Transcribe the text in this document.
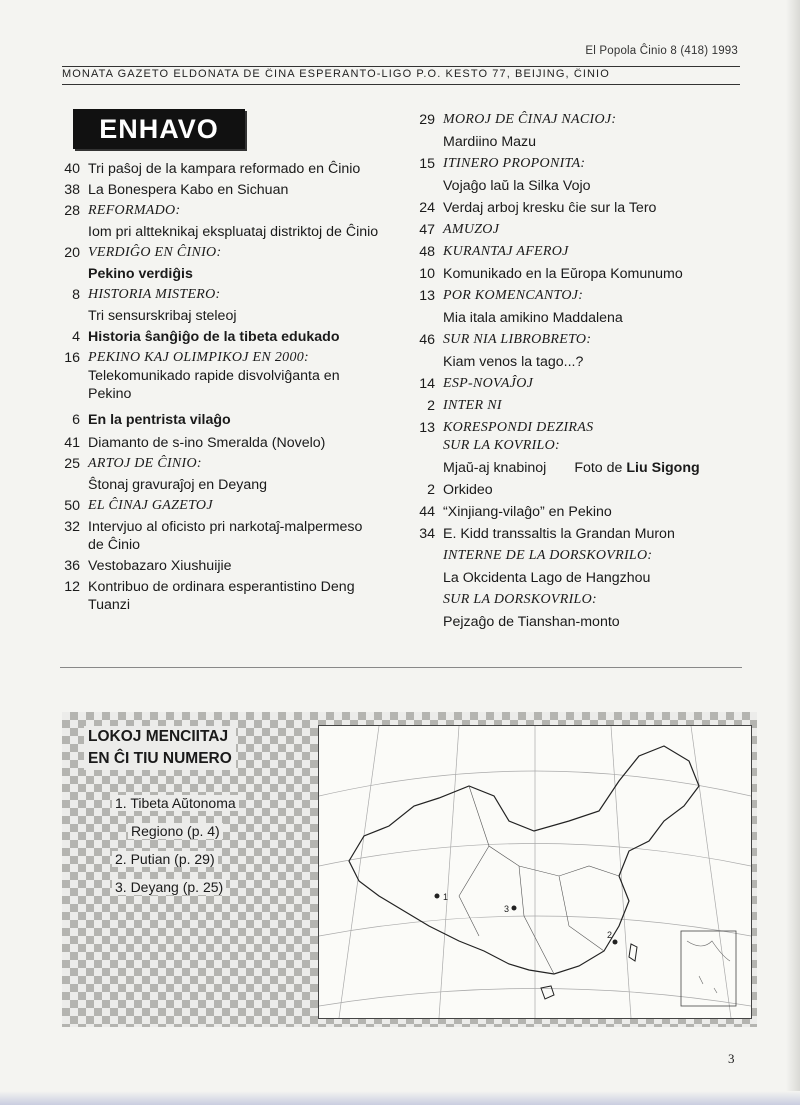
El Popola Ĉinio 8 (418) 1993
MONATA GAZETO ELDONATA DE ĈINA ESPERANTO-LIGO P.O. KESTO 77, BEIJING, ĈINIO
ENHAVO
40 Tri paŝoj de la kampara reformado en Ĉinio
38 La Bonespera Kabo en Sichuan
28 REFORMADO:
Iom pri altteknikaj ekspluataj distriktoj de Ĉinio
20 VERDIĜO EN ĈINIO:
Pekino verdiĝis
8 HISTORIA MISTERO:
Tri sensurskribaj steleoj
4 Historia ŝanĝiĝo de la tibeta edukado
16 PEKINO KAJ OLIMPIKOJ EN 2000:
Telekomunikado rapide disvolviĝanta en Pekino
6 En la pentrista vilaĝo
41 Diamanto de s-ino Smeralda (Novelo)
25 ARTOJ DE ĈINIO:
Ŝtonaj gravuraĵoj en Deyang
50 EL ĈINAJ GAZETOJ
32 Intervjuo al oficisto pri narkotaĵ-malpermeso de Ĉinio
36 Vestobazaro Xiushuijie
12 Kontribuo de ordinara esperantistino Deng Tuanzi
29 MOROJ DE ĈINAJ NACIOJ:
Mardiino Mazu
15 ITINERO PROPONITA:
Vojaĝo laŭ la Silka Vojo
24 Verdaj arboj kresku ĉie sur la Tero
47 AMUZOJ
48 KURANTAJ AFEROJ
10 Komunikado en la Eŭropa Komunumo
13 POR KOMENCANTOJ:
Mia itala amikino Maddalena
46 SUR NIA LIBROBRETO:
Kiam venos la tago...?
14 ESP-NOVAĴOJ
2 INTER NI
13 KORESPONDI DEZIRAS
SUR LA KOVRILO:
Mjaŭ-aj knabinoj Foto de Liu Sigong
2 Orkideo
44 “Xinjiang-vilaĝo” en Pekino
34 E. Kidd transsaltis la Grandan Muron
INTERNE DE LA DORSKOVRILO:
La Okcidenta Lago de Hangzhou
SUR LA DORSKOVRILO:
Pejzaĝo de Tianshan-monto
LOKOJ MENCIITAJ
EN ĈI TIU NUMERO
1. Tibeta Aŭtonoma
Regiono (p. 4)
2. Putian (p. 29)
3. Deyang (p. 25)
1
2
3
3
